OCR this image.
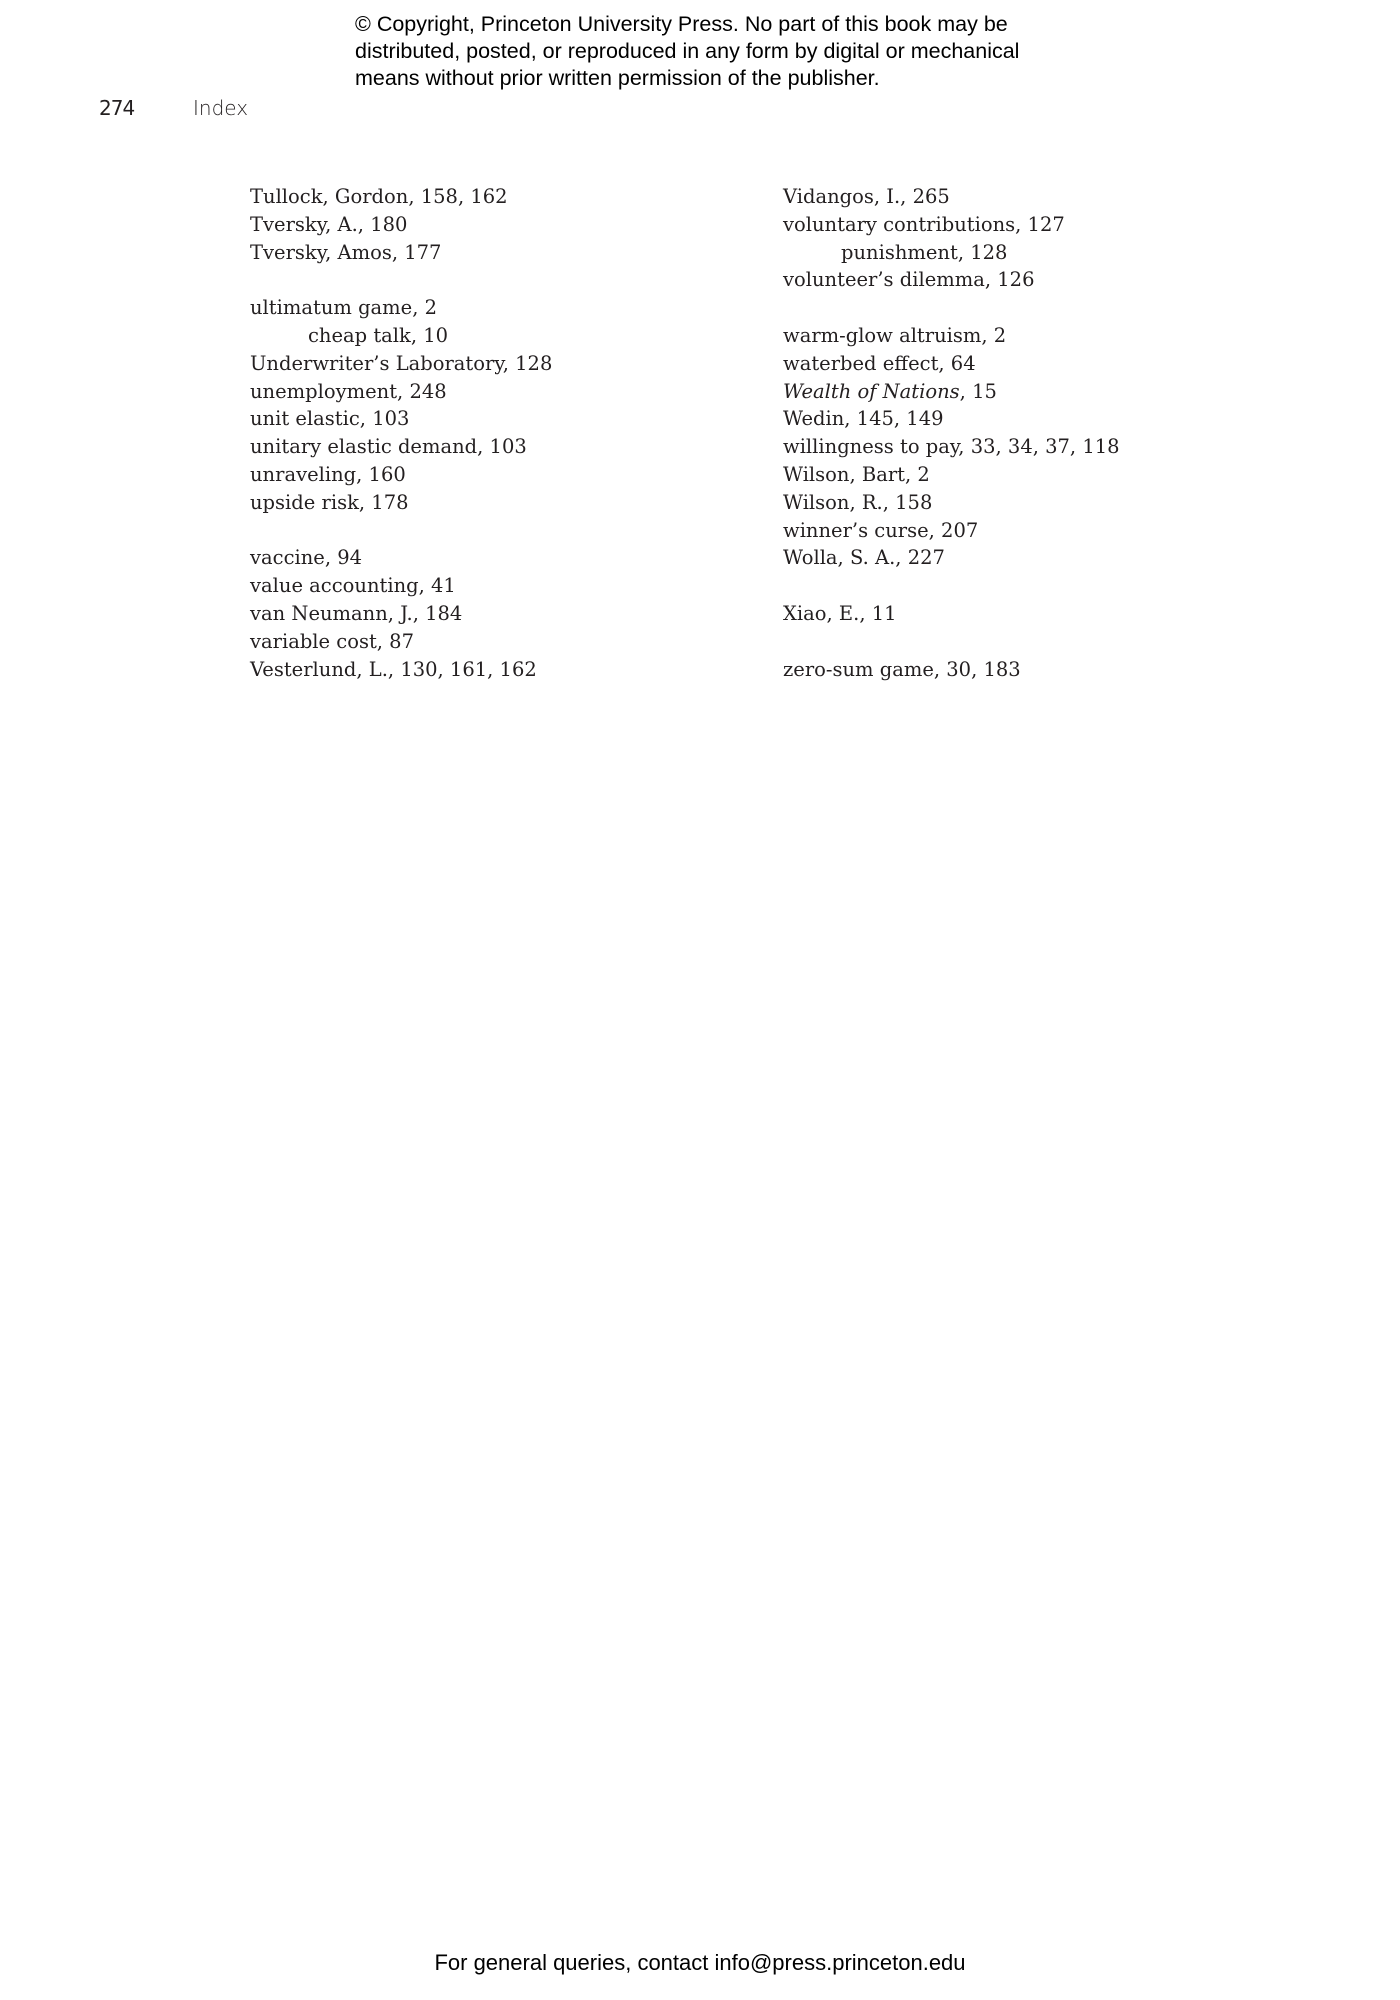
© Copyright, Princeton University Press. No part of this book may be
distributed, posted, or reproduced in any form by digital or mechanical
means without prior written permission of the publisher.
274	Index
Tullock, Gordon, 158, 162
Tversky, A., 180
Tversky, Amos, 177
ultimatum game, 2
cheap talk, 10
Underwriter’s Laboratory, 128
unemployment, 248
unit elastic, 103
unitary elastic demand, 103
unraveling, 160
upside risk, 178
vaccine, 94
value accounting, 41
van Neumann, J., 184
variable cost, 87
Vesterlund, L., 130, 161, 162
Vidangos, I., 265
voluntary contributions, 127
punishment, 128
volunteer’s dilemma, 126
warm-glow altruism, 2
waterbed effect, 64
Wealth of Nations, 15
Wedin, 145, 149
willingness to pay, 33, 34, 37, 118
Wilson, Bart, 2
Wilson, R., 158
winner’s curse, 207
Wolla, S. A., 227
Xiao, E., 11
zero-sum game, 30, 183
For general queries, contact info@press.princeton.edu
